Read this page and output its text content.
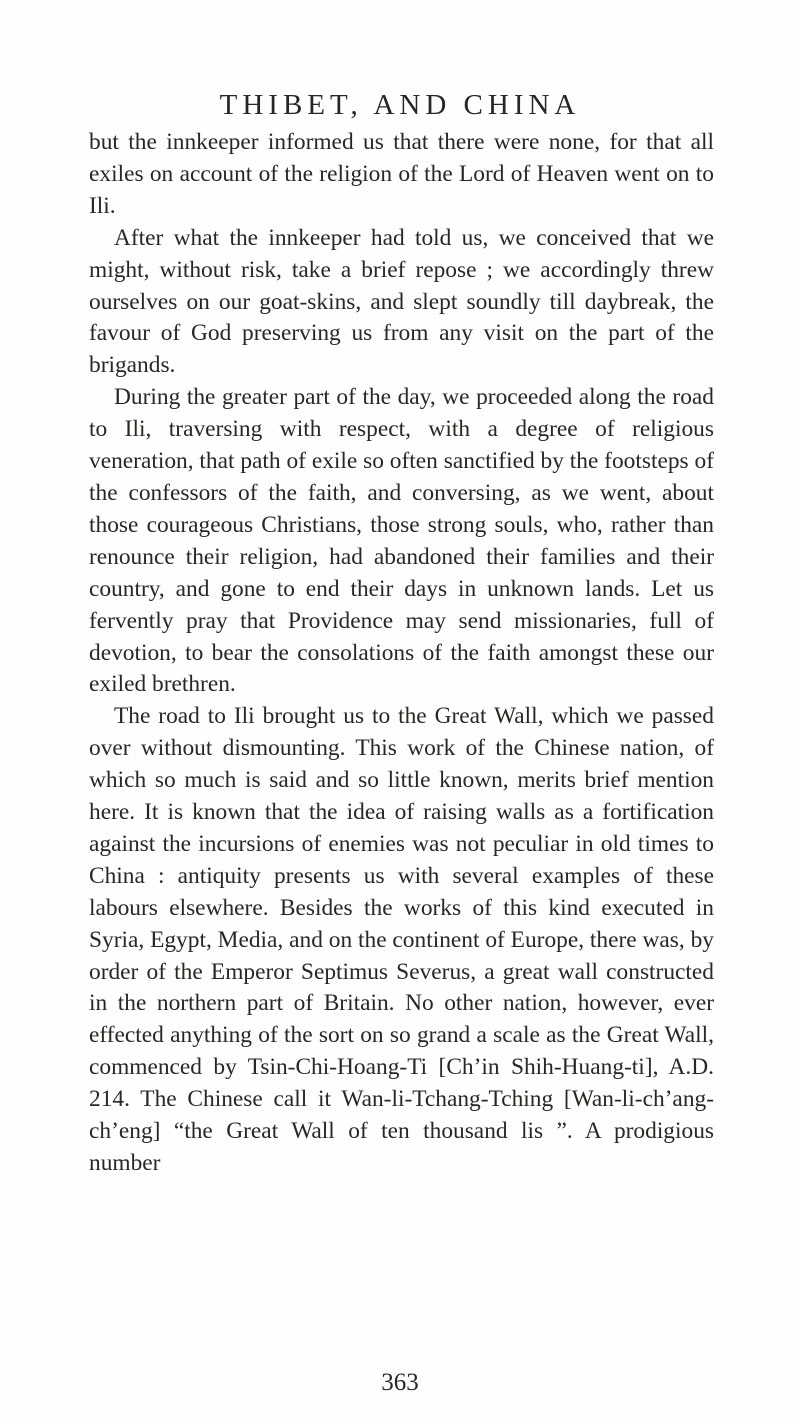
THIBET, AND CHINA

but the innkeeper informed us that there were none, for that all exiles on account of the religion of the Lord of Heaven went on to Ili.

After what the innkeeper had told us, we conceived that we might, without risk, take a brief repose ; we accordingly threw ourselves on our goat-skins, and slept soundly till daybreak, the favour of God preserving us from any visit on the part of the brigands.

During the greater part of the day, we proceeded along the road to Ili, traversing with respect, with a degree of religious veneration, that path of exile so often sanctified by the footsteps of the confessors of the faith, and conversing, as we went, about those courageous Christians, those strong souls, who, rather than renounce their religion, had abandoned their families and their country, and gone to end their days in unknown lands. Let us fervently pray that Providence may send missionaries, full of devotion, to bear the consolations of the faith amongst these our exiled brethren.

The road to Ili brought us to the Great Wall, which we passed over without dismounting. This work of the Chinese nation, of which so much is said and so little known, merits brief mention here. It is known that the idea of raising walls as a fortification against the incursions of enemies was not peculiar in old times to China : antiquity presents us with several examples of these labours elsewhere. Besides the works of this kind executed in Syria, Egypt, Media, and on the continent of Europe, there was, by order of the Emperor Septimus Severus, a great wall constructed in the northern part of Britain. No other nation, however, ever effected anything of the sort on so grand a scale as the Great Wall, commenced by Tsin-Chi-Hoang-Ti [Ch’in Shih-Huang-ti], A.D. 214. The Chinese call it Wan-li-Tchang-Tching [Wan-li-ch’ang-ch’eng] “the Great Wall of ten thousand lis ”. A prodigious number

363
